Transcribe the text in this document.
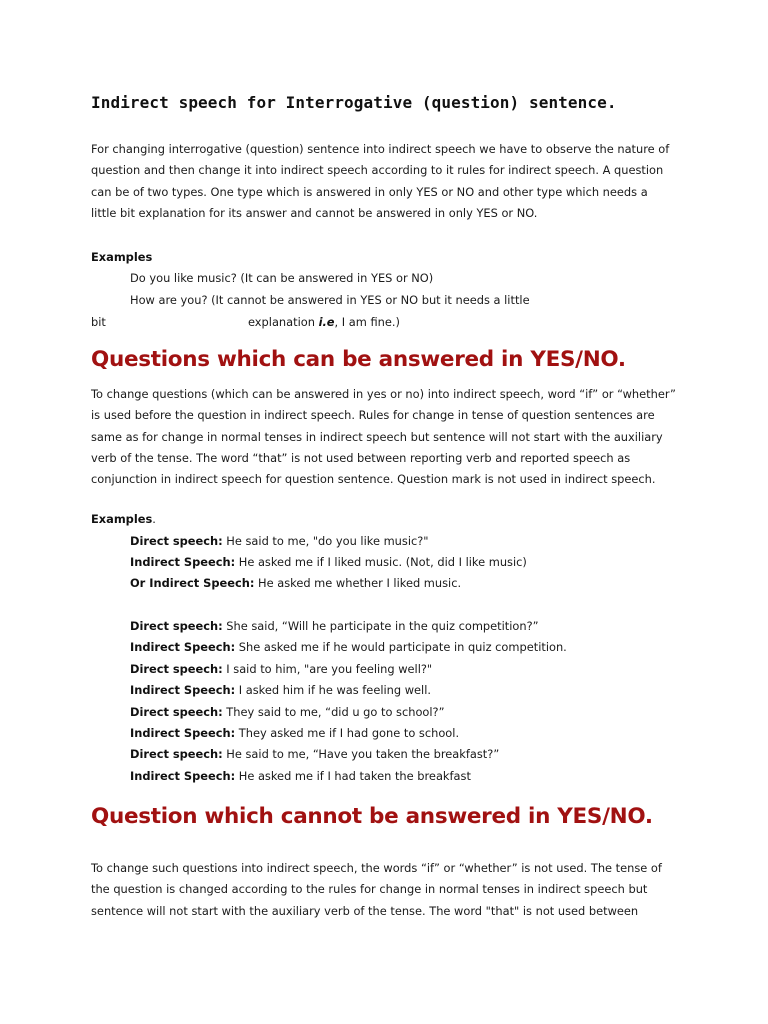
Indirect speech for Interrogative (question) sentence.
For changing interrogative (question) sentence into indirect speech we have to observe the nature of
question and then change it into indirect speech according to it rules for indirect speech. A question
can be of two types. One type which is answered in only YES or NO and other type which needs a
little bit explanation for its answer and cannot be answered in only YES or NO.
Examples
Do you like music? (It can be answered in YES or NO)
How are you? (It cannot be answered in YES or NO but it needs a little
bit	explanation i.e, I am fine.)
Questions which can be answered in YES/NO.
To change questions (which can be answered in yes or no) into indirect speech, word “if” or “whether”
is used before the question in indirect speech. Rules for change in tense of question sentences are
same as for change in normal tenses in indirect speech but sentence will not start with the auxiliary
verb of the tense. The word “that” is not used between reporting verb and reported speech as
conjunction in indirect speech for question sentence. Question mark is not used in indirect speech.
Examples.
Direct speech: He said to me, "do you like music?"
Indirect Speech: He asked me if I liked music. (Not, did I like music)
Or Indirect Speech: He asked me whether I liked music.
Direct speech: She said, “Will he participate in the quiz competition?”
Indirect Speech: She asked me if he would participate in quiz competition.
Direct speech: I said to him, "are you feeling well?"
Indirect Speech: I asked him if he was feeling well.
Direct speech: They said to me, “did u go to school?”
Indirect Speech: They asked me if I had gone to school.
Direct speech: He said to me, “Have you taken the breakfast?”
Indirect Speech: He asked me if I had taken the breakfast
Question which cannot be answered in YES/NO.
To change such questions into indirect speech, the words “if” or “whether” is not used. The tense of
the question is changed according to the rules for change in normal tenses in indirect speech but
sentence will not start with the auxiliary verb of the tense. The word "that" is not used between
